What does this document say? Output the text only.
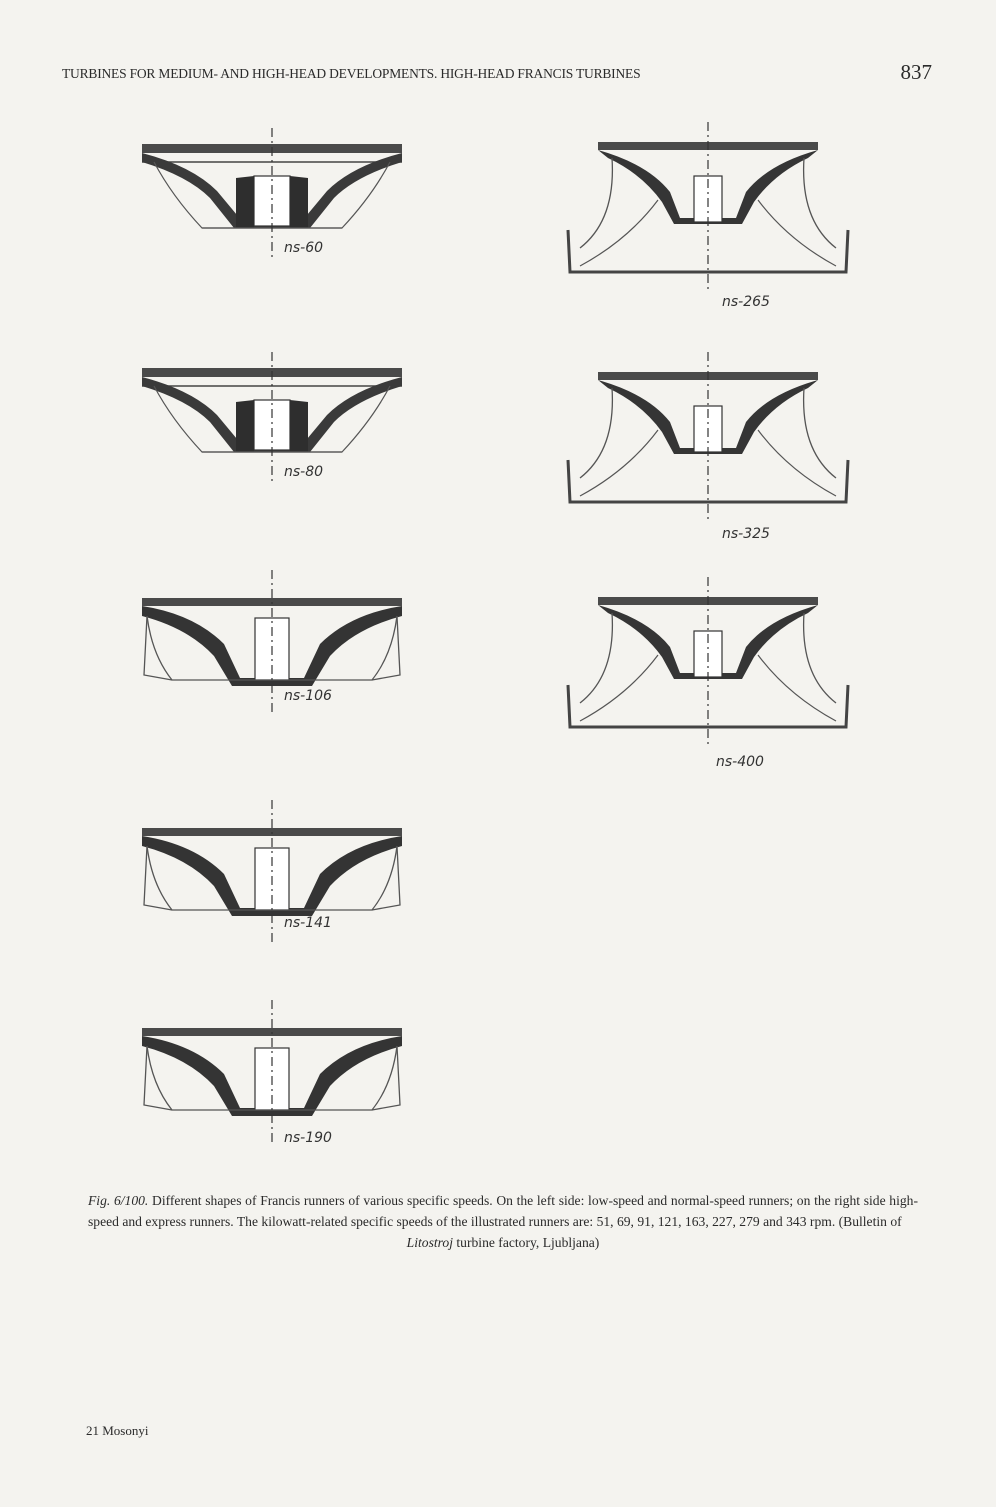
TURBINES FOR MEDIUM- AND HIGH-HEAD DEVELOPMENTS. HIGH-HEAD FRANCIS TURBINES	837
ns-60
ns-80
ns-106
ns-141
ns-190
ns-265
ns-325
ns-400
21 Mosonyi
Fig. 6/100. Different shapes of Francis runners of various specific speeds. On the left side: low-speed and normal-speed runners; on the right side high-speed and express runners. The kilowatt-related specific speeds of the illustrated runners are: 51, 69, 91, 121, 163, 227, 279 and 343 rpm. (Bulletin of
Litostroj turbine factory, Ljubljana)
